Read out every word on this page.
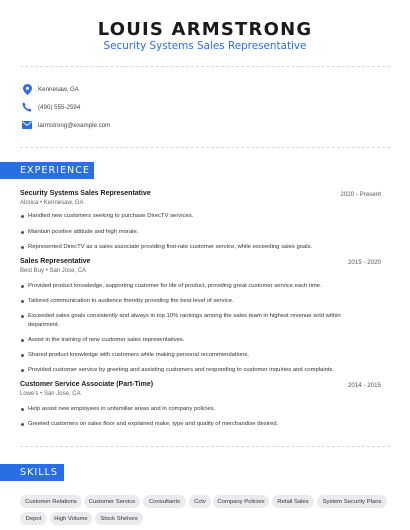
LOUIS ARMSTRONG
Security Systems Sales Representative
Kennesaw, GA
(490) 555-2594
larmstrong@example.com
EXPERIENCE
Security Systems Sales Representative	2020 - Present
Alorica • Kennesaw, GA
Handled new customers seeking to purchase DirecTV services.
Maintain positive attitude and high morale.
Represented DirecTV as a sales associate providing first-rate customer service, while exceeding sales goals.
Sales Representative	2015 - 2020
Best Buy • San Jose, CA
Provided product knowledge, supporting customer for life of product, providing great customer service each time.
Tailored communication to audience thereby providing the best level of service.
Exceeded sales goals consistently and always in top 10% rankings among the sales team in highest revenue sold within department.
Assist in the training of new customer sales representatives.
Shared product knowledge with customers while making personal recommendations.
Provided customer service by greeting and assisting customers and responding to customer inquiries and complaints.
Customer Service Associate (Part-Time)	2014 - 2015
Lowe's • San Jose, CA
Help assist new employees in unfamiliar areas and in company policies.
Greeted customers on sales floor and explained make, type and quality of merchandise desired.
SKILLS
Customer Relations	Customer Service	Consultants	Cctv	Company Policies	Retail Sales	System Security Plans
Depot	High Volume	Stock Shelves
